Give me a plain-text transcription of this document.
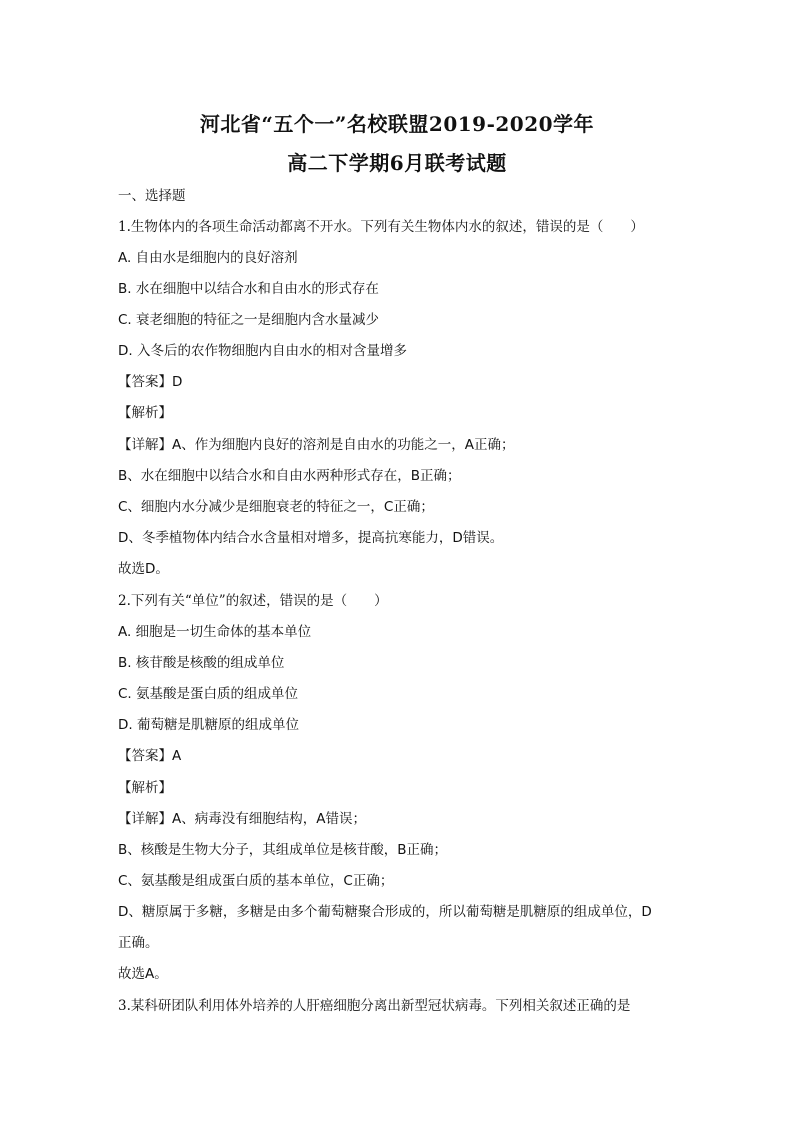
河北省“五个一”名校联盟2019-2020学年
高二下学期6月联考试题
一、选择题
1.生物体内的各项生命活动都离不开水。下列有关生物体内水的叙述，错误的是（　　）
A. 自由水是细胞内的良好溶剂
B. 水在细胞中以结合水和自由水的形式存在
C. 衰老细胞的特征之一是细胞内含水量减少
D. 入冬后的农作物细胞内自由水的相对含量增多
【答案】D
【解析】
【详解】A、作为细胞内良好的溶剂是自由水的功能之一，A正确；
B、水在细胞中以结合水和自由水两种形式存在，B正确；
C、细胞内水分减少是细胞衰老的特征之一，C正确；
D、冬季植物体内结合水含量相对增多，提高抗寒能力，D错误。
故选D。
2.下列有关“单位”的叙述，错误的是（　　）
A. 细胞是一切生命体的基本单位
B. 核苷酸是核酸的组成单位
C. 氨基酸是蛋白质的组成单位
D. 葡萄糖是肌糖原的组成单位
【答案】A
【解析】
【详解】A、病毒没有细胞结构，A错误；
B、核酸是生物大分子，其组成单位是核苷酸，B正确；
C、氨基酸是组成蛋白质的基本单位，C正确；
D、糖原属于多糖，多糖是由多个葡萄糖聚合形成的，所以葡萄糖是肌糖原的组成单位，D
正确。
故选A。
3.某科研团队利用体外培养的人肝癌细胞分离出新型冠状病毒。下列相关叙述正确的是
